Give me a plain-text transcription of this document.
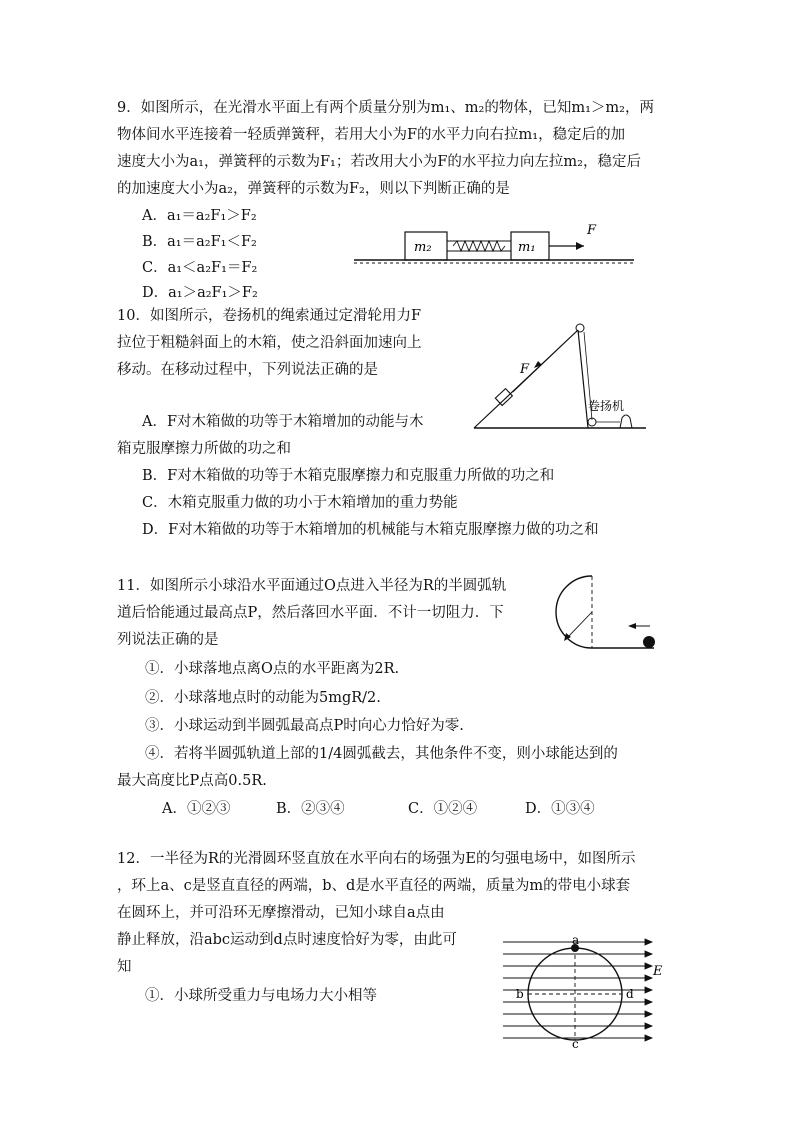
9．如图所示，在光滑水平面上有两个质量分别为m₁、m₂的物体，已知m₁＞m₂，两
物体间水平连接着一轻质弹簧秤，若用大小为F的水平力向右拉m₁，稳定后的加
速度大小为a₁，弹簧秤的示数为F₁；若改用大小为F的水平拉力向左拉m₂，稳定后
的加速度大小为a₂，弹簧秤的示数为F₂，则以下判断正确的是
A．a₁＝a₂F₁＞F₂
B．a₁＝a₂F₁＜F₂
C．a₁＜a₂F₁＝F₂
D．a₁＞a₂F₁＞F₂
m₂	m₁
F
10．如图所示，卷扬机的绳索通过定滑轮用力F
拉位于粗糙斜面上的木箱，使之沿斜面加速向上
移动。在移动过程中，下列说法正确的是
A．F对木箱做的功等于木箱增加的动能与木
箱克服摩擦力所做的功之和
B．F对木箱做的功等于木箱克服摩擦力和克服重力所做的功之和
C．木箱克服重力做的功小于木箱增加的重力势能
D．F对木箱做的功等于木箱增加的机械能与木箱克服摩擦力做的功之和
F
卷扬机
11．如图所示小球沿水平面通过O点进入半径为R的半圆弧轨
道后恰能通过最高点P，然后落回水平面．不计一切阻力．下
列说法正确的是
①．小球落地点离O点的水平距离为2R.
②．小球落地点时的动能为5mgR/2.
③．小球运动到半圆弧最高点P时向心力恰好为零.
④．若将半圆弧轨道上部的1/4圆弧截去，其他条件不变，则小球能达到的
最大高度比P点高0.5R.
A．①②③	B．②③④	C．①②④	D．①③④
12．一半径为R的光滑圆环竖直放在水平向右的场强为E的匀强电场中，如图所示
，环上a、c是竖直直径的两端，b、d是水平直径的两端，质量为m的带电小球套
在圆环上，并可沿环无摩擦滑动，已知小球自a点由
静止释放，沿abc运动到d点时速度恰好为零，由此可
知
①．小球所受重力与电场力大小相等
a
b
c
d
E
